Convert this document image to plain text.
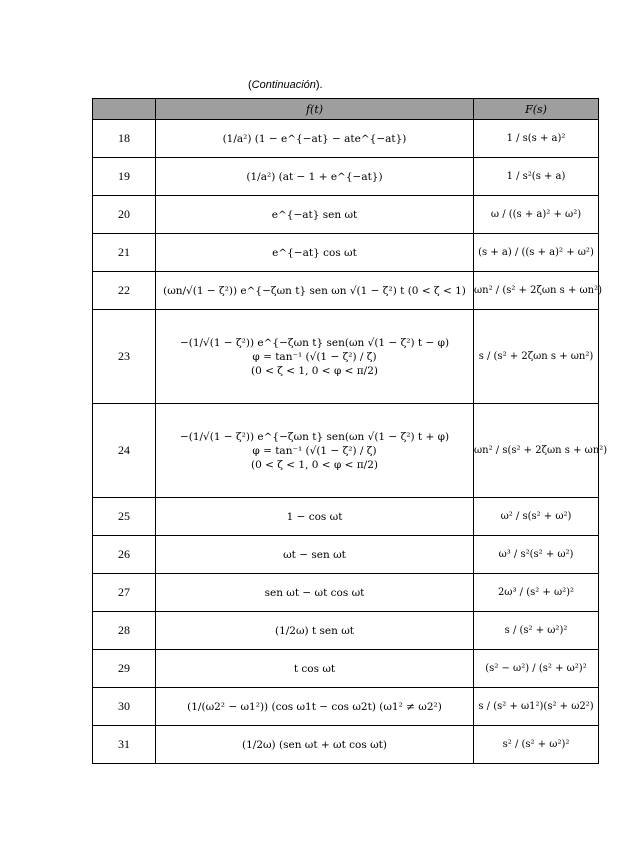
(Continuación).
	f(t)	F(s)
18	(1/a²) (1 − e^{−at} − ate^{−at})	1 / s(s + a)²
19	(1/a²) (at − 1 + e^{−at})	1 / s²(s + a)
20	e^{−at} sen ωt	ω / ((s + a)² + ω²)
21	e^{−at} cos ωt	(s + a) / ((s + a)² + ω²)
22	(ωn/√(1 − ζ²)) e^{−ζωn t} sen ωn √(1 − ζ²) t (0 < ζ < 1)	ωn² / (s² + 2ζωn s + ωn²)
23	−(1/√(1 − ζ²)) e^{−ζωn t} sen(ωn √(1 − ζ²) t − φ)
φ = tan⁻¹ (√(1 − ζ²) / ζ)
(0 < ζ < 1, 0 < φ < π/2)	s / (s² + 2ζωn s + ωn²)
24	−(1/√(1 − ζ²)) e^{−ζωn t} sen(ωn √(1 − ζ²) t + φ)
φ = tan⁻¹ (√(1 − ζ²) / ζ)
(0 < ζ < 1, 0 < φ < π/2)	ωn² / s(s² + 2ζωn s + ωn²)
25	1 − cos ωt	ω² / s(s² + ω²)
26	ωt − sen ωt	ω³ / s²(s² + ω²)
27	sen ωt − ωt cos ωt	2ω³ / (s² + ω²)²
28	(1/2ω) t sen ωt	s / (s² + ω²)²
29	t cos ωt	(s² − ω²) / (s² + ω²)²
30	(1/(ω2² − ω1²)) (cos ω1t − cos ω2t) (ω1² ≠ ω2²)	s / (s² + ω1²)(s² + ω2²)
31	(1/2ω) (sen ωt + ωt cos ωt)	s² / (s² + ω²)²
